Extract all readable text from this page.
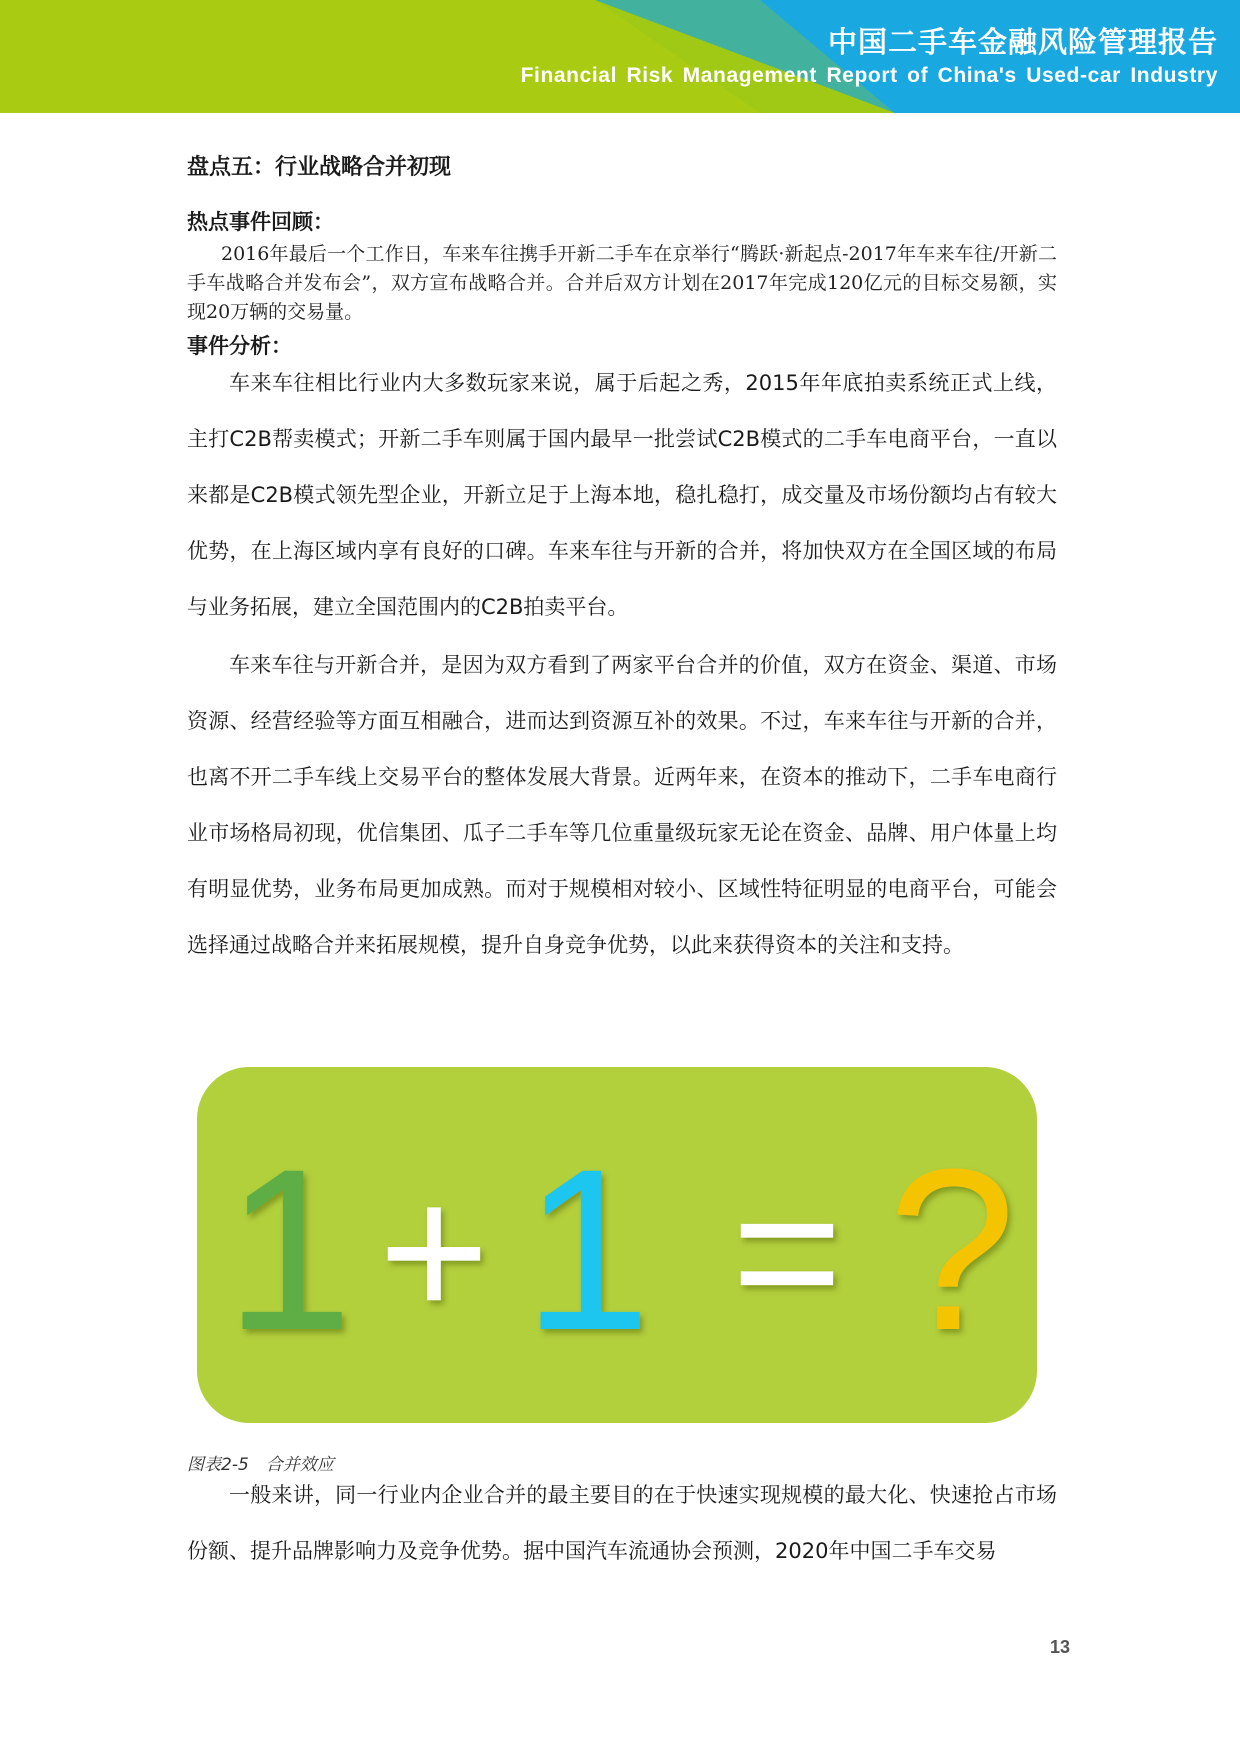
中国二手车金融风险管理报告
Financial Risk Management Report of China's Used-car Industry
盘点五：行业战略合并初现
热点事件回顾：

2016年最后一个工作日，车来车往携手开新二手车在京举行“腾跃·新起点-2017年车来车往/开新二手车战略合并发布会”，双方宣布战略合并。合并后双方计划在2017年完成120亿元的目标交易额，实现20万辆的交易量。

事件分析：

车来车往相比行业内大多数玩家来说，属于后起之秀，2015年年底拍卖系统正式上线，主打C2B帮卖模式；开新二手车则属于国内最早一批尝试C2B模式的二手车电商平台，一直以来都是C2B模式领先型企业，开新立足于上海本地，稳扎稳打，成交量及市场份额均占有较大优势，在上海区域内享有良好的口碑。车来车往与开新的合并，将加快双方在全国区域的布局与业务拓展，建立全国范围内的C2B拍卖平台。

车来车往与开新合并，是因为双方看到了两家平台合并的价值，双方在资金、渠道、市场资源、经营经验等方面互相融合，进而达到资源互补的效果。不过，车来车往与开新的合并，也离不开二手车线上交易平台的整体发展大背景。近两年来，在资本的推动下，二手车电商行业市场格局初现，优信集团、瓜子二手车等几位重量级玩家无论在资金、品牌、用户体量上均有明显优势，业务布局更加成熟。而对于规模相对较小、区域性特征明显的电商平台，可能会选择通过战略合并来拓展规模，提升自身竞争优势，以此来获得资本的关注和支持。

一般来讲，同一行业内企业合并的最主要目的在于快速实现规模的最大化、快速抢占市场份额、提升品牌影响力及竞争优势。据中国汽车流通协会预测，2020年中国二手车交易

1 + 1 = ?
图表2-5　合并效应
13
